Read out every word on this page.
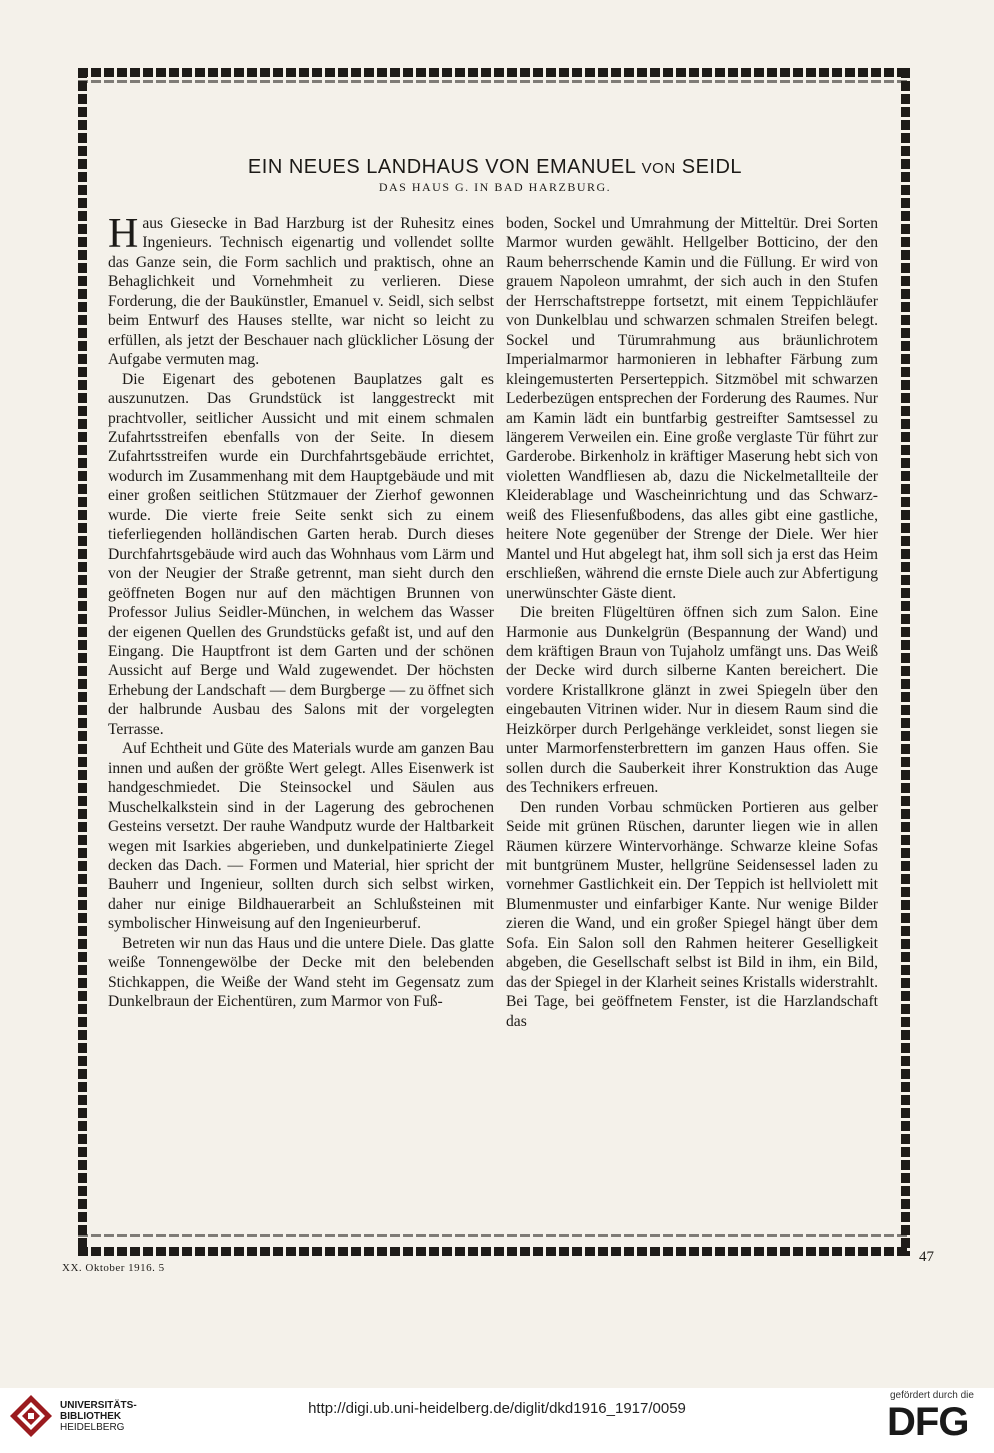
EIN NEUES LANDHAUS VON EMANUEL VON SEIDL
DAS HAUS G. IN BAD HARZBURG.

Haus Giesecke in Bad Harzburg ist der Ruhesitz eines Ingenieurs. Technisch eigenartig und vollendet sollte das Ganze sein, die Form sachlich und praktisch, ohne an Behaglichkeit und Vornehmheit zu verlieren. Diese Forderung, die der Baukünstler, Emanuel v. Seidl, sich selbst beim Entwurf des Hauses stellte, war nicht so leicht zu erfüllen, als jetzt der Beschauer nach glücklicher Lösung der Aufgabe vermuten mag.

Die Eigenart des gebotenen Bauplatzes galt es auszunutzen. Das Grundstück ist langgestreckt mit prachtvoller, seitlicher Aussicht und mit einem schmalen Zufahrtsstreifen ebenfalls von der Seite. In diesem Zufahrtsstreifen wurde ein Durchfahrtsgebäude errichtet, wodurch im Zusammenhang mit dem Hauptgebäude und mit einer großen seitlichen Stützmauer der Zierhof gewonnen wurde. Die vierte freie Seite senkt sich zu einem tieferliegenden holländischen Garten herab. Durch dieses Durchfahrtsgebäude wird auch das Wohnhaus vom Lärm und von der Neugier der Straße getrennt, man sieht durch den geöffneten Bogen nur auf den mächtigen Brunnen von Professor Julius Seidler-München, in welchem das Wasser der eigenen Quellen des Grundstücks gefaßt ist, und auf den Eingang. Die Hauptfront ist dem Garten und der schönen Aussicht auf Berge und Wald zugewendet. Der höchsten Erhebung der Landschaft — dem Burgberge — zu öffnet sich der halbrunde Ausbau des Salons mit der vorgelegten Terrasse.

Auf Echtheit und Güte des Materials wurde am ganzen Bau innen und außen der größte Wert gelegt. Alles Eisenwerk ist handgeschmiedet. Die Steinsockel und Säulen aus Muschelkalkstein sind in der Lagerung des gebrochenen Gesteins versetzt. Der rauhe Wandputz wurde der Haltbarkeit wegen mit Isarkies abgerieben, und dunkelpatinierte Ziegel decken das Dach. — Formen und Material, hier spricht der Bauherr und Ingenieur, sollten durch sich selbst wirken, daher nur einige Bildhauerarbeit an Schlußsteinen mit symbolischer Hinweisung auf den Ingenieurberuf.

Betreten wir nun das Haus und die untere Diele. Das glatte weiße Tonnengewölbe der Decke mit den belebenden Stichkappen, die Weiße der Wand steht im Gegensatz zum Dunkelbraun der Eichentüren, zum Marmor von Fuß-

boden, Sockel und Umrahmung der Mitteltür. Drei Sorten Marmor wurden gewählt. Hellgelber Botticino, der den Raum beherrschende Kamin und die Füllung. Er wird von grauem Napoleon umrahmt, der sich auch in den Stufen der Herrschaftstreppe fortsetzt, mit einem Teppichläufer von Dunkelblau und schwarzen schmalen Streifen belegt. Sockel und Türumrahmung aus bräunlichrotem Imperialmarmor harmonieren in lebhafter Färbung zum kleingemusterten Perserteppich. Sitzmöbel mit schwarzen Lederbezügen entsprechen der Forderung des Raumes. Nur am Kamin lädt ein buntfarbig gestreifter Samtsessel zu längerem Verweilen ein. Eine große verglaste Tür führt zur Garderobe. Birkenholz in kräftiger Maserung hebt sich von violetten Wandfliesen ab, dazu die Nickelmetallteile der Kleiderablage und Wascheinrichtung und das Schwarz-weiß des Fliesenfußbodens, das alles gibt eine gastliche, heitere Note gegenüber der Strenge der Diele. Wer hier Mantel und Hut abgelegt hat, ihm soll sich ja erst das Heim erschließen, während die ernste Diele auch zur Abfertigung unerwünschter Gäste dient.

Die breiten Flügeltüren öffnen sich zum Salon. Eine Harmonie aus Dunkelgrün (Bespannung der Wand) und dem kräftigen Braun von Tujaholz umfängt uns. Das Weiß der Decke wird durch silberne Kanten bereichert. Die vordere Kristallkrone glänzt in zwei Spiegeln über den eingebauten Vitrinen wider. Nur in diesem Raum sind die Heizkörper durch Perlgehänge verkleidet, sonst liegen sie unter Marmorfensterbrettern im ganzen Haus offen. Sie sollen durch die Sauberkeit ihrer Konstruktion das Auge des Technikers erfreuen.

Den runden Vorbau schmücken Portieren aus gelber Seide mit grünen Rüschen, darunter liegen wie in allen Räumen kürzere Wintervorhänge. Schwarze kleine Sofas mit buntgrünem Muster, hellgrüne Seidensessel laden zu vornehmer Gastlichkeit ein. Der Teppich ist hellviolett mit Blumenmuster und einfarbiger Kante. Nur wenige Bilder zieren die Wand, und ein großer Spiegel hängt über dem Sofa. Ein Salon soll den Rahmen heiterer Geselligkeit abgeben, die Gesellschaft selbst ist Bild in ihm, ein Bild, das der Spiegel in der Klarheit seines Kristalls widerstrahlt. Bei Tage, bei geöffnetem Fenster, ist die Harzlandschaft das

XX. Oktober 1916. 5
47
UNIVERSITÄTS-
BIBLIOTHEK
HEIDELBERG
http://digi.ub.uni-heidelberg.de/diglit/dkd1916_1917/0059
gefördert durch die
DFG
